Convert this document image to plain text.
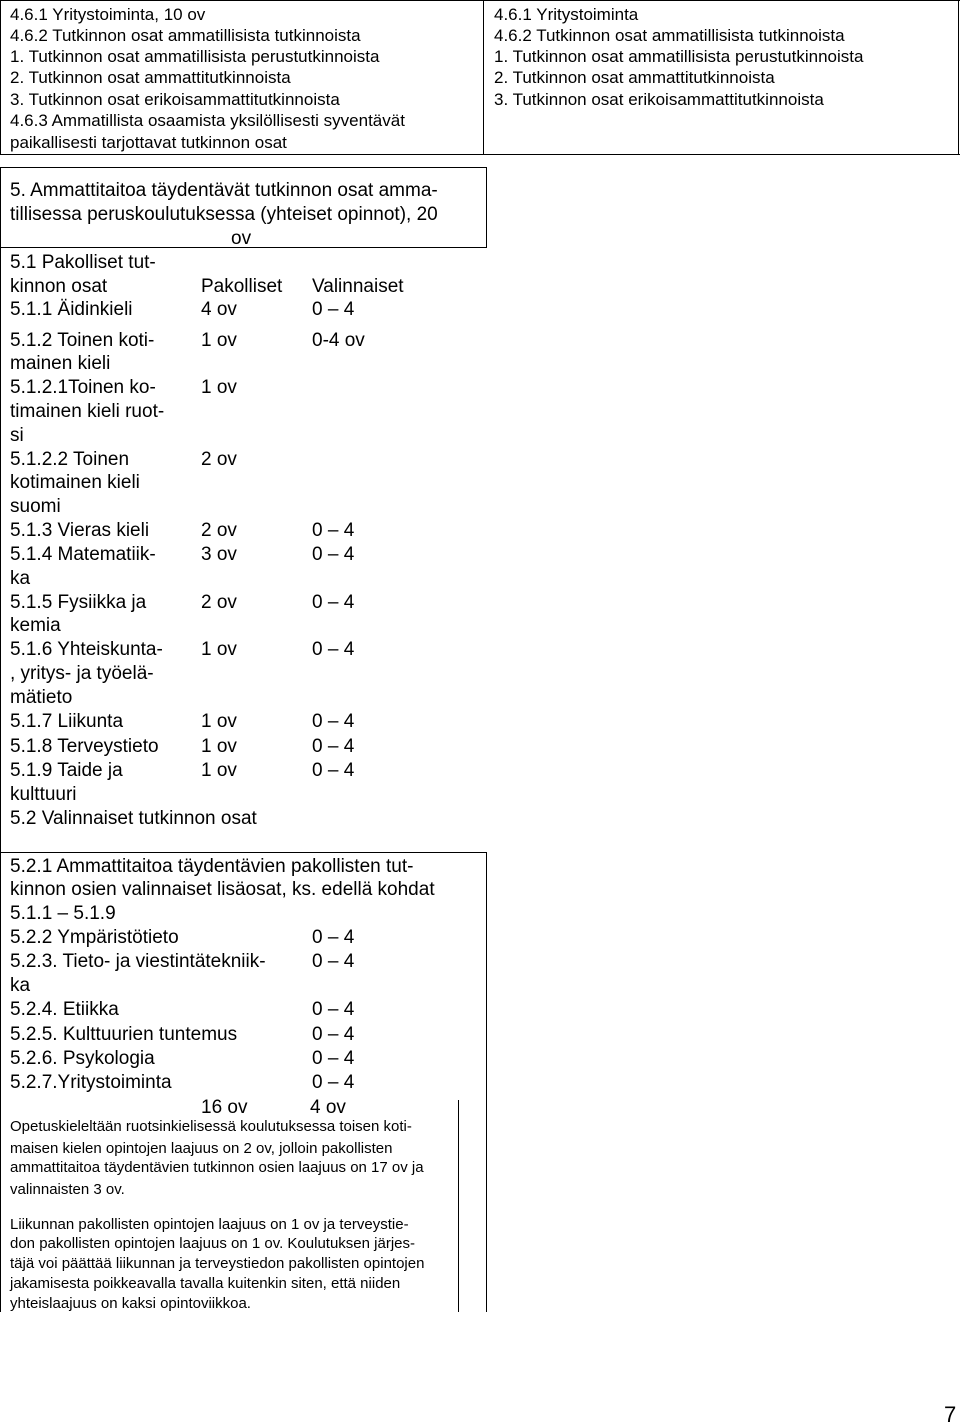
4.6.1 Yritystoiminta, 10 ov
4.6.2 Tutkinnon osat ammatillisista tutkinnoista
1. Tutkinnon osat ammatillisista perustutkinnoista
2. Tutkinnon osat ammattitutkinnoista
3. Tutkinnon osat erikoisammattitutkinnoista
4.6.3 Ammatillista osaamista yksilöllisesti syventävät
paikallisesti tarjottavat tutkinnon osat
4.6.1 Yritystoiminta
4.6.2 Tutkinnon osat ammatillisista tutkinnoista
1. Tutkinnon osat ammatillisista perustutkinnoista
2. Tutkinnon osat ammattitutkinnoista
3. Tutkinnon osat erikoisammattitutkinnoista
5. Ammattitaitoa täydentävät tutkinnon osat amma-
tillisessa peruskoulutuksessa (yhteiset opinnot), 20
ov
5.1 Pakolliset tut-
kinnon osat	Pakolliset Valinnaiset
5.1.1 Äidinkieli	4 ov	0 – 4
5.1.2 Toinen koti-
mainen kieli
1 ov	0-4 ov
5.1.2.1Toinen ko-
timainen kieli ruot-
si
1 ov
5.1.2.2 Toinen
kotimainen kieli
suomi
2 ov
5.1.3 Vieras kieli	2 ov	0 – 4
5.1.4 Matematiik-
ka
3 ov	0 – 4
5.1.5 Fysiikka ja
kemia
2 ov	0 – 4
5.1.6 Yhteiskunta-
, yritys- ja työelä-
mätieto
1 ov	0 – 4
5.1.7 Liikunta	1 ov	0 – 4
5.1.8 Terveystieto 1 ov	0 – 4
5.1.9 Taide ja
kulttuuri
1 ov	0 – 4
5.2 Valinnaiset tutkinnon osat
5.2.1 Ammattitaitoa täydentävien pakollisten tut-
kinnon osien valinnaiset lisäosat, ks. edellä kohdat
5.1.1 – 5.1.9
5.2.2 Ympäristötieto	0 – 4
5.2.3. Tieto- ja viestintätekniik-
ka
0 – 4
5.2.4. Etiikka	0 – 4
5.2.5. Kulttuurien tuntemus	0 – 4
5.2.6. Psykologia	0 – 4
5.2.7.Yritystoiminta	0 – 4
16 ov	4 ov
Opetuskieleltään ruotsinkielisessä koulutuksessa toisen koti-
maisen kielen opintojen laajuus on 2 ov, jolloin pakollisten
ammattitaitoa täydentävien tutkinnon osien laajuus on 17 ov ja
valinnaisten 3 ov.
Liikunnan pakollisten opintojen laajuus on 1 ov ja terveystie-
don pakollisten opintojen laajuus on 1 ov. Koulutuksen järjes-
täjä voi päättää liikunnan ja terveystiedon pakollisten opintojen
jakamisesta poikkeavalla tavalla kuitenkin siten, että niiden
yhteislaajuus on kaksi opintoviikkoa.
7
